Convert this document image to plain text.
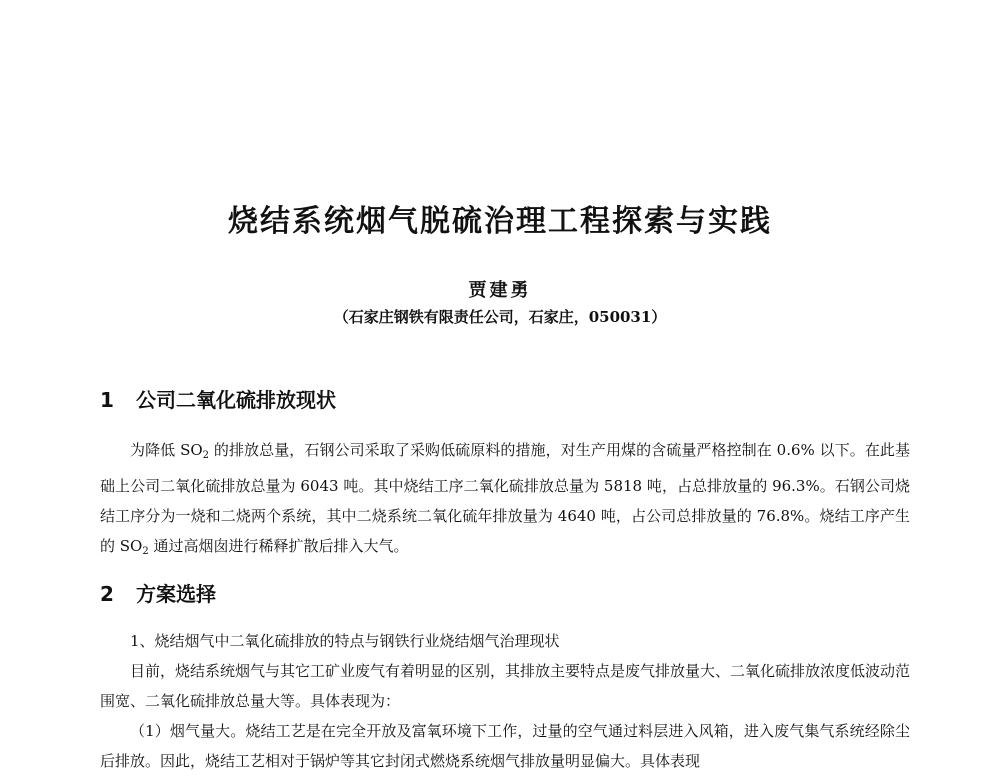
烧结系统烟气脱硫治理工程探索与实践
贾建勇
（石家庄钢铁有限责任公司，石家庄，050031）
1 公司二氧化硫排放现状

为降低 $SO_2$ 的排放总量，石钢公司采取了采购低硫原料的措施，对生产用煤的含硫量严格控制在 0.6% 以下。在此基础上公司二氧化硫排放总量为 6043 吨。其中烧结工序二氧化硫排放总量为 5818 吨，占总排放量的 96.3%。石钢公司烧结工序分为一烧和二烧两个系统，其中二烧系统二氧化硫年排放量为 4640 吨，占公司总排放量的 76.8%。烧结工序产生的 $SO_2$ 通过高烟囱进行稀释扩散后排入大气。

2 方案选择

1、烧结烟气中二氧化硫排放的特点与钢铁行业烧结烟气治理现状

目前，烧结系统烟气与其它工矿业废气有着明显的区别，其排放主要特点是废气排放量大、二氧化硫排放浓度低波动范围宽、二氧化硫排放总量大等。具体表现为：

（1）烟气量大。烧结工艺是在完全开放及富氧环境下工作，过量的空气通过料层进入风箱，进入废气集气系统经除尘后排放。因此，烧结工艺相对于锅炉等其它封闭式燃烧系统烟气排放量明显偏大。具体表现
